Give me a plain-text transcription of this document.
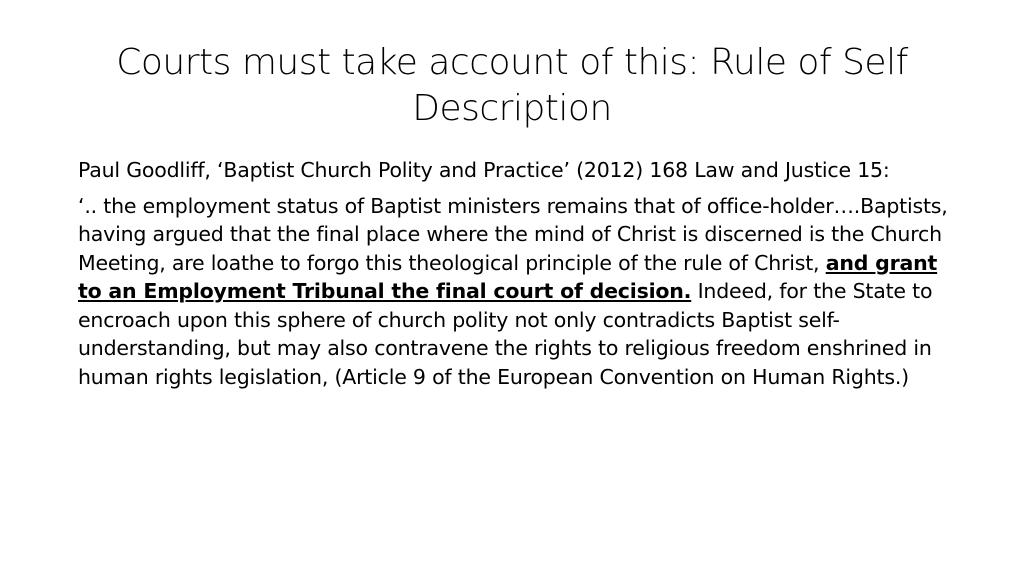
Courts must take account of this: Rule of Self Description

Paul Goodliff, ‘Baptist Church Polity and Practice’ (2012) 168 Law and Justice 15:

‘.. the employment status of Baptist ministers remains that of office-holder….Baptists, having argued that the final place where the mind of Christ is discerned is the Church Meeting, are loathe to forgo this theological principle of the rule of Christ, and grant to an Employment Tribunal the final court of decision. Indeed, for the State to encroach upon this sphere of church polity not only contradicts Baptist self-understanding, but may also contravene the rights to religious freedom enshrined in human rights legislation, (Article 9 of the European Convention on Human Rights.)
